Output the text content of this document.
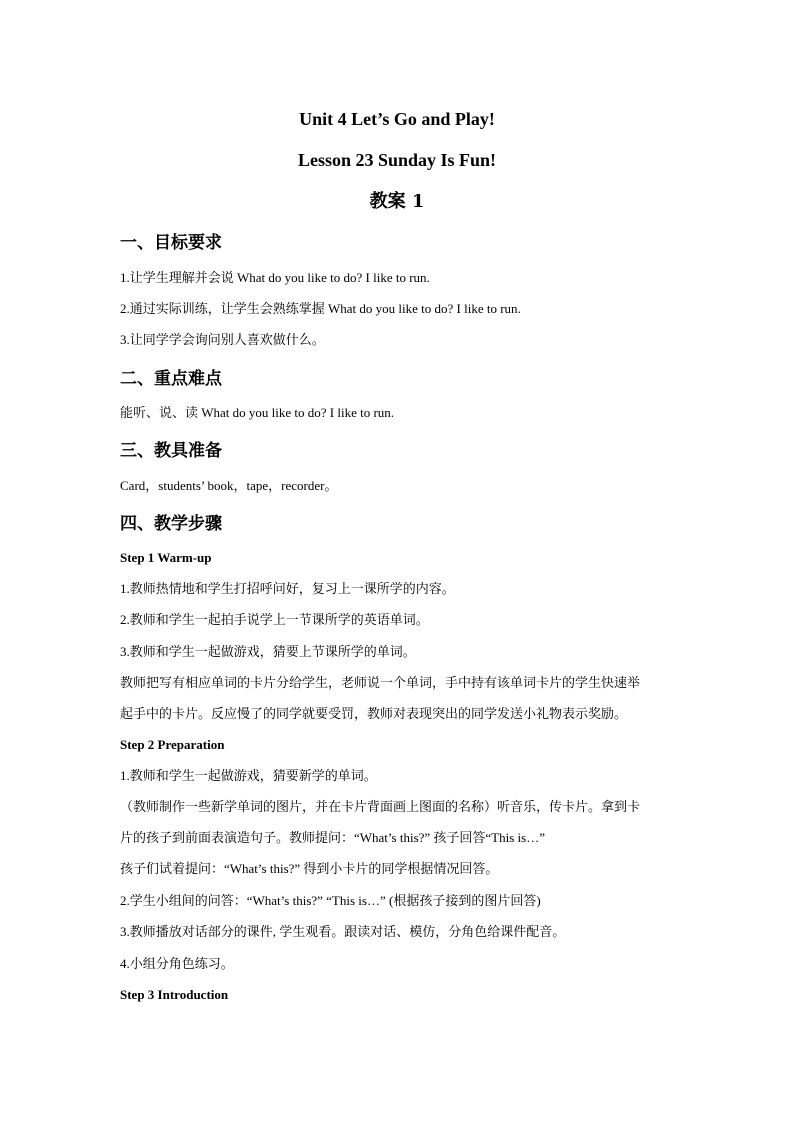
Unit 4 Let’s Go and Play!
Lesson 23 Sunday Is Fun!
教案 1
一、目标要求
1.让学生理解并会说 What do you like to do? I like to run.
2.通过实际训练，让学生会熟练掌握 What do you like to do? I like to run.
3.让同学学会询问别人喜欢做什么。
二、重点难点
能听、说、读 What do you like to do? I like to run.
三、教具准备
Card，students’ book，tape，recorder。
四、教学步骤
Step 1 Warm-up
1.教师热情地和学生打招呼问好，复习上一课所学的内容。
2.教师和学生一起拍手说学上一节课所学的英语单词。
3.教师和学生一起做游戏，猜要上节课所学的单词。
教师把写有相应单词的卡片分给学生，老师说一个单词，手中持有该单词卡片的学生快速举
起手中的卡片。反应慢了的同学就要受罚，教师对表现突出的同学发送小礼物表示奖励。
Step 2 Preparation
1.教师和学生一起做游戏，猜要新学的单词。
（教师制作一些新学单词的图片，并在卡片背面画上图面的名称）听音乐，传卡片。拿到卡
片的孩子到前面表演造句子。教师提问：“What’s this?” 孩子回答“This is…”
孩子们试着提问：“What’s this?” 得到小卡片的同学根据情况回答。
2.学生小组间的问答：“What’s this?” “This is…” (根据孩子接到的图片回答)
3.教师播放对话部分的课件, 学生观看。跟读对话、模仿，分角色给课件配音。
4.小组分角色练习。
Step 3 Introduction
